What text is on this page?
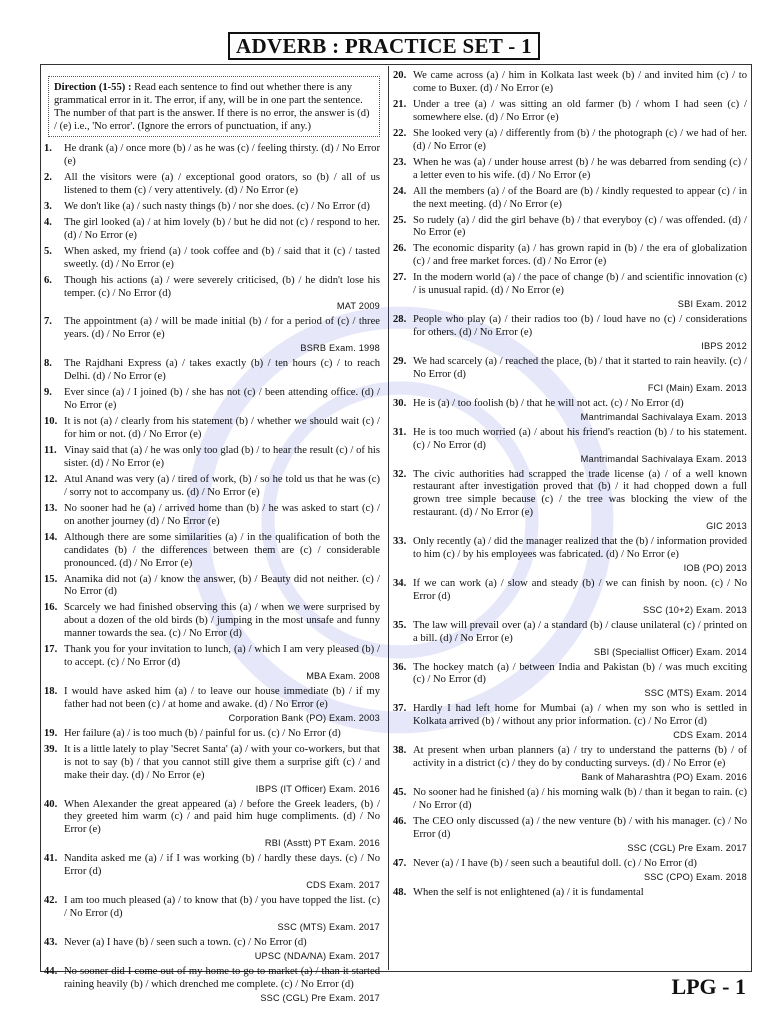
ADVERB : PRACTICE SET - 1
Direction (1-55) : Read each sentence to find out whether there is any grammatical error in it. The error, if any, will be in one part the sentence. The number of that part is the answer. If there is no error, the answer is (d) / (e) i.e., 'No error'. (Ignore the errors of punctuation, if any.)
1.	He drank (a) / once more (b) / as he was (c) / feeling thirsty. (d) / No Error (e)
2.	All the visitors were (a) / exceptional good orators, so (b) / all of us listened to them (c) / very attentively. (d) / No Error (e)
3.	We don't like (a) / such nasty things (b) / nor she does. (c) / No Error (d)
4.	The girl looked (a) / at him lovely (b) / but he did not (c) / respond to her. (d) / No Error (e)
5.	When asked, my friend (a) / took coffee and (b) / said that it (c) / tasted sweetly. (d) / No Error (e)
6.	Though his actions (a) / were severely criticised, (b) / he didn't lose his temper. (c) / No Error (d)
MAT 2009
7.	The appointment (a) / will be made initial (b) / for a period of (c) / three years. (d) / No Error (e)
BSRB Exam. 1998
8.	The Rajdhani Express (a) / takes exactly (b) / ten hours (c) / to reach Delhi. (d) / No Error (e)
9.	Ever since (a) / I joined (b) / she has not (c) / been attending office. (d) / No Error (e)
10. It is not (a) / clearly from his statement (b) / whether we should wait (c) / for him or not. (d) / No Error (e)
11. Vinay said that (a) / he was only too glad (b) / to hear the result (c) / of his sister. (d) / No Error (e)
12. Atul Anand was very (a) / tired of work, (b) / so he told us that he was (c) / sorry not to accompany us. (d) / No Error (e)
13. No sooner had he (a) / arrived home than (b) / he was asked to start (c) / on another journey (d) / No Error (e)
14. Although there are some similarities (a) / in the qualification of both the candidates (b) / the differences between them are (c) / considerable pronounced. (d) / No Error (e)
15. Anamika did not (a) / know the answer, (b) / Beauty did not neither. (c) / No Error (d)
16. Scarcely we had finished observing this (a) / when we were surprised by about a dozen of the old birds (b) / jumping in the most unsafe and funny manner towards the sea. (c) / No Error (d)
17. Thank you for your invitation to lunch, (a) / which I am very pleased (b) / to accept. (c) / No Error (d)
MBA Exam. 2008
18. I would have asked him (a) / to leave our house immediate (b) / if my father had not been (c) / at home and awake. (d) / No Error (e)
Corporation Bank (PO) Exam. 2003
19. Her failure (a) / is too much (b) / painful for us. (c) / No Error (d)
39. It is a little lately to play 'Secret Santa' (a) / with your co-workers, but that is not to say (b) / that you cannot still give them a surprise gift (c) / and make their day. (d) / No Error (e)
IBPS (IT Officer) Exam. 2016
40. When Alexander the great appeared (a) / before the Greek leaders, (b) / they greeted him warm (c) / and paid him huge compliments. (d) / No Error (e)
RBI (Asstt) PT Exam. 2016
41. Nandita asked me (a) / if I was working (b) / hardly these days. (c) / No Error (d)
CDS Exam. 2017
42. I am too much pleased (a) / to know that (b) / you have topped the list. (c) / No Error (d)
SSC (MTS) Exam. 2017
43. Never (a) I have (b) / seen such a town. (c) / No Error (d)
UPSC (NDA/NA) Exam. 2017
44. No sooner did I come out of my home to go to market (a) / than it started raining heavily (b) / which drenched me complete. (c) / No Error (d)
SSC (CGL) Pre Exam. 2017
20. We came across (a) / him in Kolkata last week (b) / and invited him (c) / to come to Buxer. (d) / No Error (e)
21. Under a tree (a) / was sitting an old farmer (b) / whom I had seen (c) / somewhere else. (d) / No Error (e)
22. She looked very (a) / differently from (b) / the photograph (c) / we had of her. (d) / No Error (e)
23. When he was (a) / under house arrest (b) / he was debarred from sending (c) / a letter even to his wife. (d) / No Error (e)
24. All the members (a) / of the Board are (b) / kindly requested to appear (c) / in the next meeting. (d) / No Error (e)
25. So rudely (a) / did the girl behave (b) / that everyboy (c) / was offended. (d) / No Error (e)
26. The economic disparity (a) / has grown rapid in (b) / the era of globalization (c) / and free market forces. (d) / No Error (e)
27. In the modern world (a) / the pace of change (b) / and scientific innovation (c) / is unusual rapid. (d) / No Error (e)
SBI Exam. 2012
28. People who play (a) / their radios too (b) / loud have no (c) / considerations for others. (d) / No Error (e)
IBPS 2012
29. We had scarcely (a) / reached the place, (b) / that it started to rain heavily. (c) / No Error (d)
FCI (Main) Exam. 2013
30. He is (a) / too foolish (b) / that he will not act. (c) / No Error (d)
Mantrimandal Sachivalaya Exam. 2013
31. He is too much worried (a) / about his friend's reaction (b) / to his statement. (c) / No Error (d)
Mantrimandal Sachivalaya Exam. 2013
32. The civic authorities had scrapped the trade license (a) / of a well known restaurant after investigation proved that (b) / it had chopped down a full grown tree simple because (c) / the tree was blocking the view of the restaurant. (d) / No Error (e)
GIC 2013
33. Only recently (a) / did the manager realized that the (b) / information provided to him (c) / by his employees was fabricated. (d) / No Error (e)
IOB (PO) 2013
34. If we can work (a) / slow and steady (b) / we can finish by noon. (c) / No Error (d)
SSC (10+2) Exam. 2013
35. The law will prevail over (a) / a standard (b) / clause unilateral (c) / printed on a bill. (d) / No Error (e)
SBI (Speciallist Officer) Exam. 2014
36. The hockey match (a) / between India and Pakistan (b) / was much exciting (c) / No Error (d)
SSC (MTS) Exam. 2014
37. Hardly I had left home for Mumbai (a) / when my son who is settled in Kolkata arrived (b) / without any prior information. (c) / No Error (d)
CDS Exam. 2014
38. At present when urban planners (a) / try to understand the patterns (b) / of activity in a district (c) / they do by conducting surveys. (d) / No Error (e)
Bank of Maharashtra (PO) Exam. 2016
45. No sooner had he finished (a) / his morning walk (b) / than it began to rain. (c) / No Error (d)
46. The CEO only discussed (a) / the new venture (b) / with his manager. (c) / No Error (d)
SSC (CGL) Pre Exam. 2017
47. Never (a) / I have (b) / seen such a beautiful doll. (c) / No Error (d)
SSC (CPO) Exam. 2018
48. When the self is not enlightened (a) / it is fundamental
LPG - 1
